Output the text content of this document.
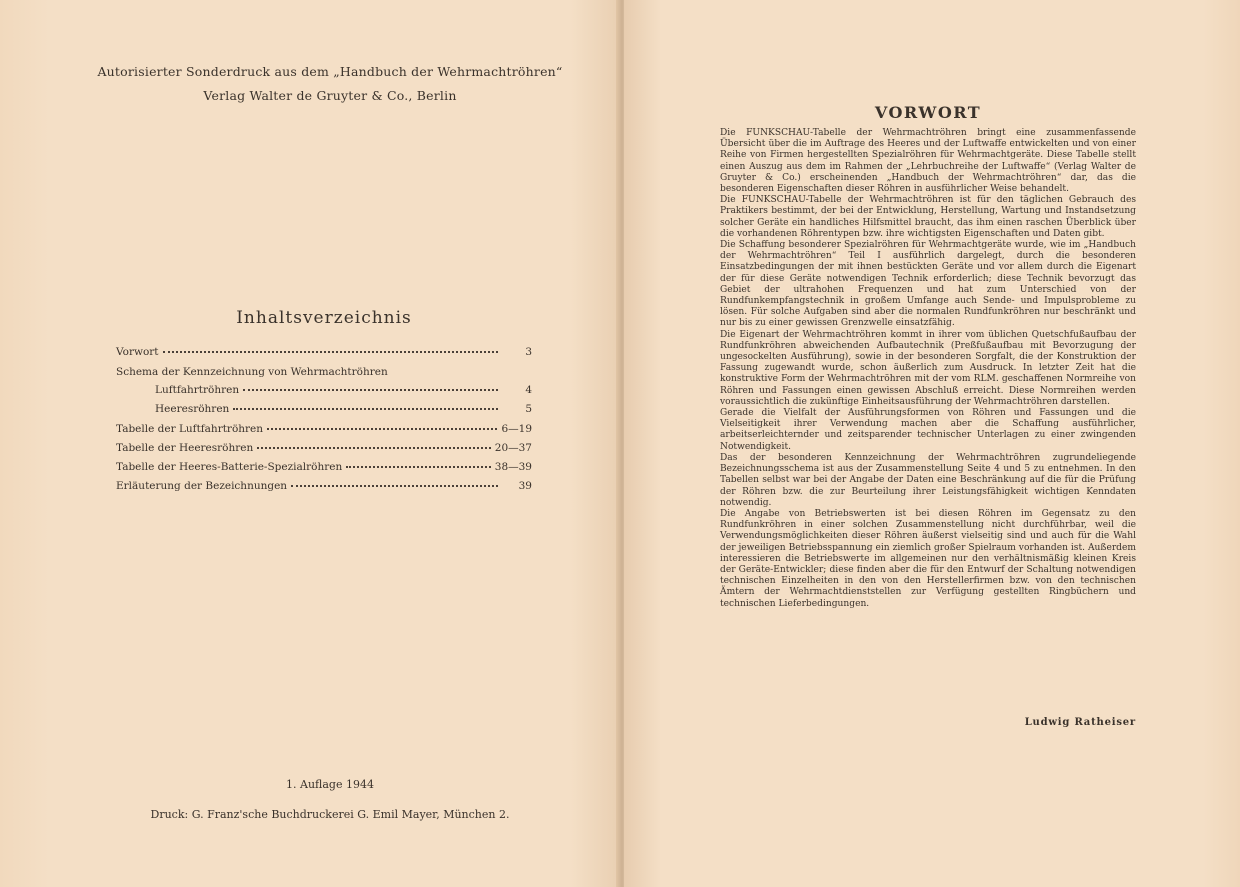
Autorisierter Sonderdruck aus dem „Handbuch der Wehrmachtröhren“
Verlag Walter de Gruyter & Co., Berlin
Inhaltsverzeichnis
Vorwort	3
Schema der Kennzeichnung von Wehrmachtröhren
Luftfahrtröhren	4
Heeresröhren	5
Tabelle der Luftfahrtröhren	6—19
Tabelle der Heeresröhren	20—37
Tabelle der Heeres-Batterie-Spezialröhren	38—39
Erläuterung der Bezeichnungen	39
1. Auflage 1944
Druck: G. Franz'sche Buchdruckerei G. Emil Mayer, München 2.
VORWORT

Die FUNKSCHAU-Tabelle der Wehrmachtröhren bringt eine zusammenfassende Übersicht über die im Auftrage des Heeres und der Luftwaffe entwickelten und von einer Reihe von Firmen hergestellten Spezialröhren für Wehrmachtgeräte. Diese Tabelle stellt einen Auszug aus dem im Rahmen der „Lehrbuchreihe der Luftwaffe“ (Verlag Walter de Gruyter & Co.) erscheinenden „Handbuch der Wehrmachtröhren“ dar, das die besonderen Eigenschaften dieser Röhren in ausführlicher Weise behandelt.

Die FUNKSCHAU-Tabelle der Wehrmachtröhren ist für den täglichen Gebrauch des Praktikers bestimmt, der bei der Entwicklung, Herstellung, Wartung und Instandsetzung solcher Geräte ein handliches Hilfsmittel braucht, das ihm einen raschen Überblick über die vorhandenen Röhrentypen bzw. ihre wichtigsten Eigenschaften und Daten gibt.

Die Schaffung besonderer Spezialröhren für Wehrmachtgeräte wurde, wie im „Handbuch der Wehrmachtröhren“ Teil I ausführlich dargelegt, durch die besonderen Einsatzbedingungen der mit ihnen bestückten Geräte und vor allem durch die Eigenart der für diese Geräte notwendigen Technik erforderlich; diese Technik bevorzugt das Gebiet der ultrahohen Frequenzen und hat zum Unterschied von der Rundfunkempfangstechnik in großem Umfange auch Sende- und Impulsprobleme zu lösen. Für solche Aufgaben sind aber die normalen Rundfunkröhren nur beschränkt und nur bis zu einer gewissen Grenzwelle einsatzfähig.

Die Eigenart der Wehrmachtröhren kommt in ihrer vom üblichen Quetschfußaufbau der Rundfunkröhren abweichenden Aufbautechnik (Preßfußaufbau mit Bevorzugung der ungesockelten Ausführung), sowie in der besonderen Sorgfalt, die der Konstruktion der Fassung zugewandt wurde, schon äußerlich zum Ausdruck. In letzter Zeit hat die konstruktive Form der Wehrmachtröhren mit der vom RLM. geschaffenen Normreihe von Röhren und Fassungen einen gewissen Abschluß erreicht. Diese Normreihen werden voraussichtlich die zukünftige Einheitsausführung der Wehrmachtröhren darstellen.

Gerade die Vielfalt der Ausführungsformen von Röhren und Fassungen und die Vielseitigkeit ihrer Verwendung machen aber die Schaffung ausführlicher, arbeitserleichternder und zeitsparender technischer Unterlagen zu einer zwingenden Notwendigkeit.

Das der besonderen Kennzeichnung der Wehrmachtröhren zugrundeliegende Bezeichnungsschema ist aus der Zusammenstellung Seite 4 und 5 zu entnehmen. In den Tabellen selbst war bei der Angabe der Daten eine Beschränkung auf die für die Prüfung der Röhren bzw. die zur Beurteilung ihrer Leistungsfähigkeit wichtigen Kenndaten notwendig.

Die Angabe von Betriebswerten ist bei diesen Röhren im Gegensatz zu den Rundfunkröhren in einer solchen Zusammenstellung nicht durchführbar, weil die Verwendungsmöglichkeiten dieser Röhren äußerst vielseitig sind und auch für die Wahl der jeweiligen Betriebsspannung ein ziemlich großer Spielraum vorhanden ist. Außerdem interessieren die Betriebswerte im allgemeinen nur den verhältnismäßig kleinen Kreis der Geräte-Entwickler; diese finden aber die für den Entwurf der Schaltung notwendigen technischen Einzelheiten in den von den Herstellerfirmen bzw. von den technischen Ämtern der Wehrmachtdienststellen zur Verfügung gestellten Ringbüchern und technischen Lieferbedingungen.

Ludwig Ratheiser
